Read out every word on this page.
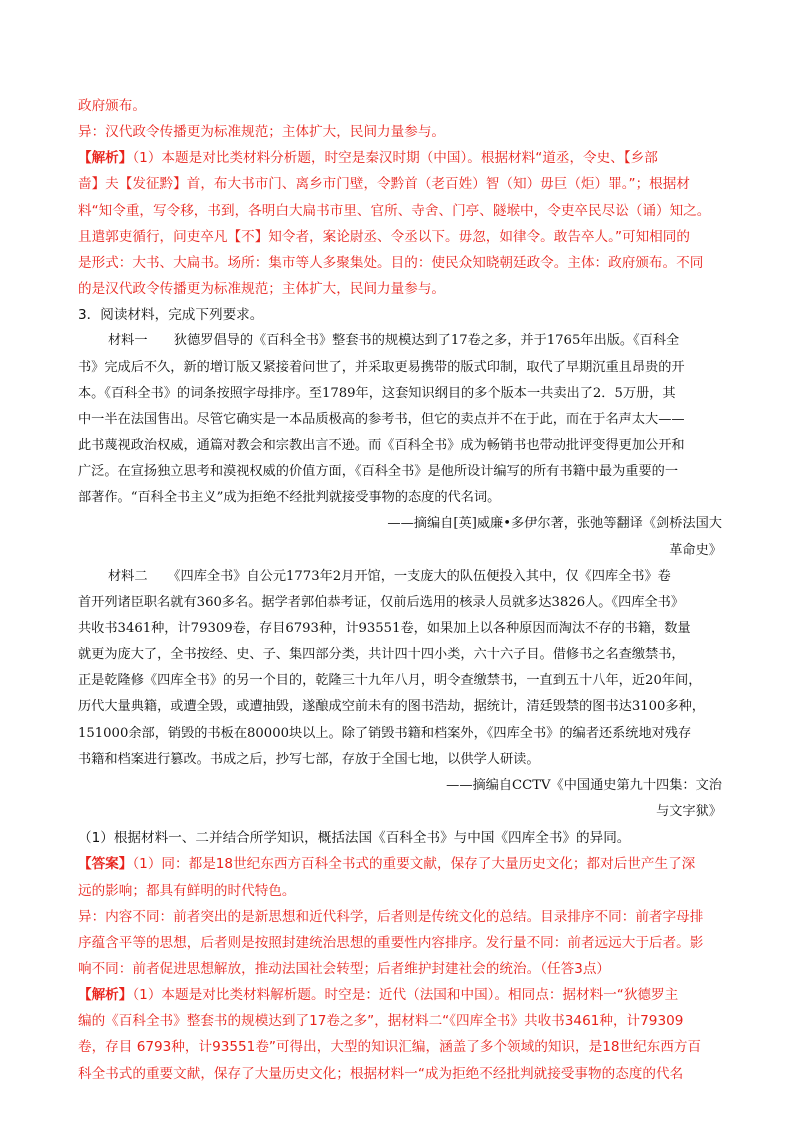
政府颁布。
异：汉代政令传播更为标准规范；主体扩大，民间力量参与。
【解析】（1）本题是对比类材料分析题，时空是秦汉时期（中国）。根据材料“道丞，令史、【乡部
啬】夫【发征黔】首，布大书市门、离乡市门壁，令黔首（老百姓）智（知）毋巨（炬）罪。”；根据材
料“知令重，写令移，书到，各明白大扁书市里、官所、寺舍、门亭、隧堠中，令吏卒民尽讼（诵）知之。
且遣郭吏循行，问吏卒凡【不】知令者，案论尉丞、令丞以下。毋忽，如律令。敢告卒人。”可知相同的
是形式：大书、大扁书。场所：集市等人多聚集处。目的：使民众知晓朝廷政令。主体：政府颁布。不同
的是汉代政令传播更为标准规范；主体扩大，民间力量参与。
3．阅读材料，完成下列要求。
材料一　　狄德罗倡导的《百科全书》整套书的规模达到了17卷之多，并于1765年出版。《百科全
书》完成后不久，新的增订版又紧接着问世了，并采取更易携带的版式印制，取代了早期沉重且昂贵的开
本。《百科全书》的词条按照字母排序。至1789年，这套知识纲目的多个版本一共卖出了2．5万册，其
中一半在法国售出。尽管它确实是一本品质极高的参考书，但它的卖点并不在于此，而在于名声太大——
此书蔑视政治权威，通篇对教会和宗教出言不逊。而《百科全书》成为畅销书也带动批评变得更加公开和
广泛。在宣扬独立思考和漠视权威的价值方面，《百科全书》是他所设计编写的所有书籍中最为重要的一
部著作。“百科全书主义”成为拒绝不经批判就接受事物的态度的代名词。
——摘编自[英]威廉•多伊尔著，张弛等翻译《剑桥法国大
革命史》
材料二　　《四库全书》自公元1773年2月开馆，一支庞大的队伍便投入其中，仅《四库全书》卷
首开列诸臣职名就有360多名。据学者郭伯恭考证，仅前后选用的核录人员就多达3826人。《四库全书》
共收书3461种，计79309卷，存目6793种，计93551卷，如果加上以各种原因而淘汰不存的书籍，数量
就更为庞大了，全书按经、史、子、集四部分类，共计四十四小类，六十六子目。借修书之名查缴禁书，
正是乾隆修《四库全书》的另一个目的，乾隆三十九年八月，明令查缴禁书，一直到五十八年，近20年间，
历代大量典籍，或遭全毁，或遭抽毁，遂酿成空前未有的图书浩劫，据统计，清廷毁禁的图书达3100多种，
151000余部，销毁的书板在80000块以上。除了销毁书籍和档案外，《四库全书》的编者还系统地对残存
书籍和档案进行篡改。书成之后，抄写七部，存放于全国七地，以供学人研读。
——摘编自CCTV《中国通史第九十四集：文治
与文字狱》
（1）根据材料一、二并结合所学知识，概括法国《百科全书》与中国《四库全书》的异同。
【答案】（1）同：都是18世纪东西方百科全书式的重要文献，保存了大量历史文化；都对后世产生了深
远的影响；都具有鲜明的时代特色。
异：内容不同：前者突出的是新思想和近代科学，后者则是传统文化的总结。目录排序不同：前者字母排
序蕴含平等的思想，后者则是按照封建统治思想的重要性内容排序。发行量不同：前者远远大于后者。影
响不同：前者促进思想解放，推动法国社会转型；后者维护封建社会的统治。（任答3点）
【解析】（1）本题是对比类材料解析题。时空是：近代（法国和中国）。相同点：据材料一“狄德罗主
编的《百科全书》整套书的规模达到了17卷之多”，据材料二“《四库全书》共收书3461种，计79309
卷，存目 6793种，计93551卷”可得出，大型的知识汇编，涵盖了多个领域的知识，是18世纪东西方百
科全书式的重要文献，保存了大量历史文化；根据材料一“成为拒绝不经批判就接受事物的态度的代名
